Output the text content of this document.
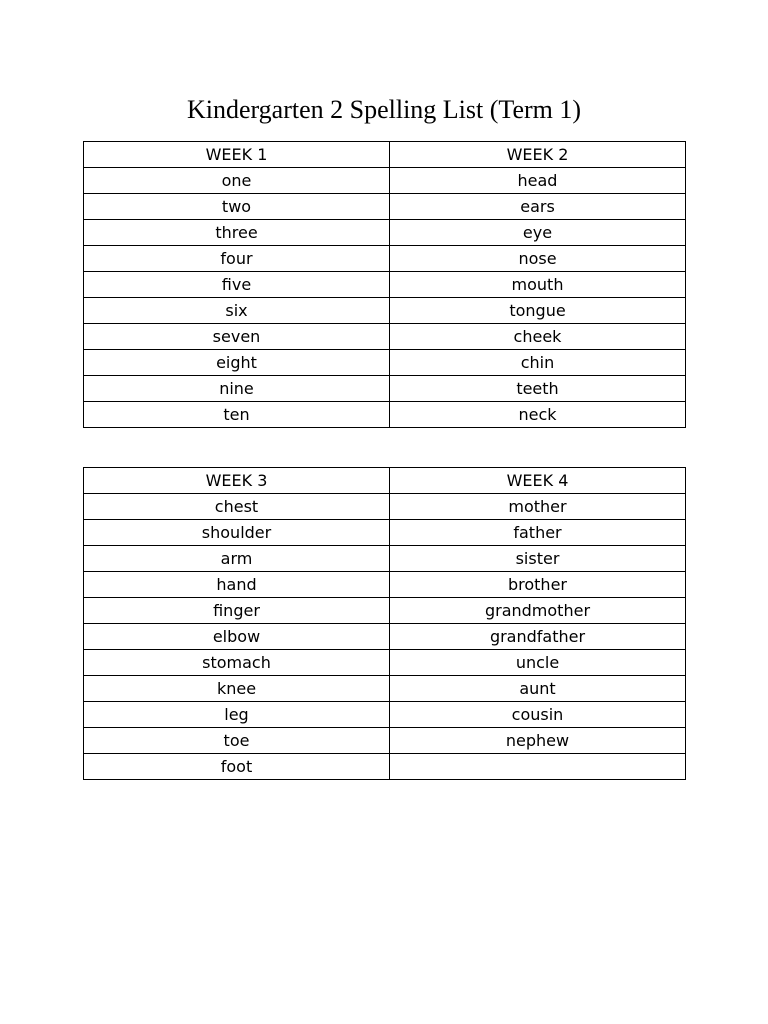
Kindergarten 2 Spelling List (Term 1)
WEEK 1	WEEK 2
one	head
two	ears
three	eye
four	nose
five	mouth
six	tongue
seven	cheek
eight	chin
nine	teeth
ten	neck
WEEK 3	WEEK 4
chest	mother
shoulder	father
arm	sister
hand	brother
finger	grandmother
elbow	grandfather
stomach	uncle
knee	aunt
leg	cousin
toe	nephew
foot	
